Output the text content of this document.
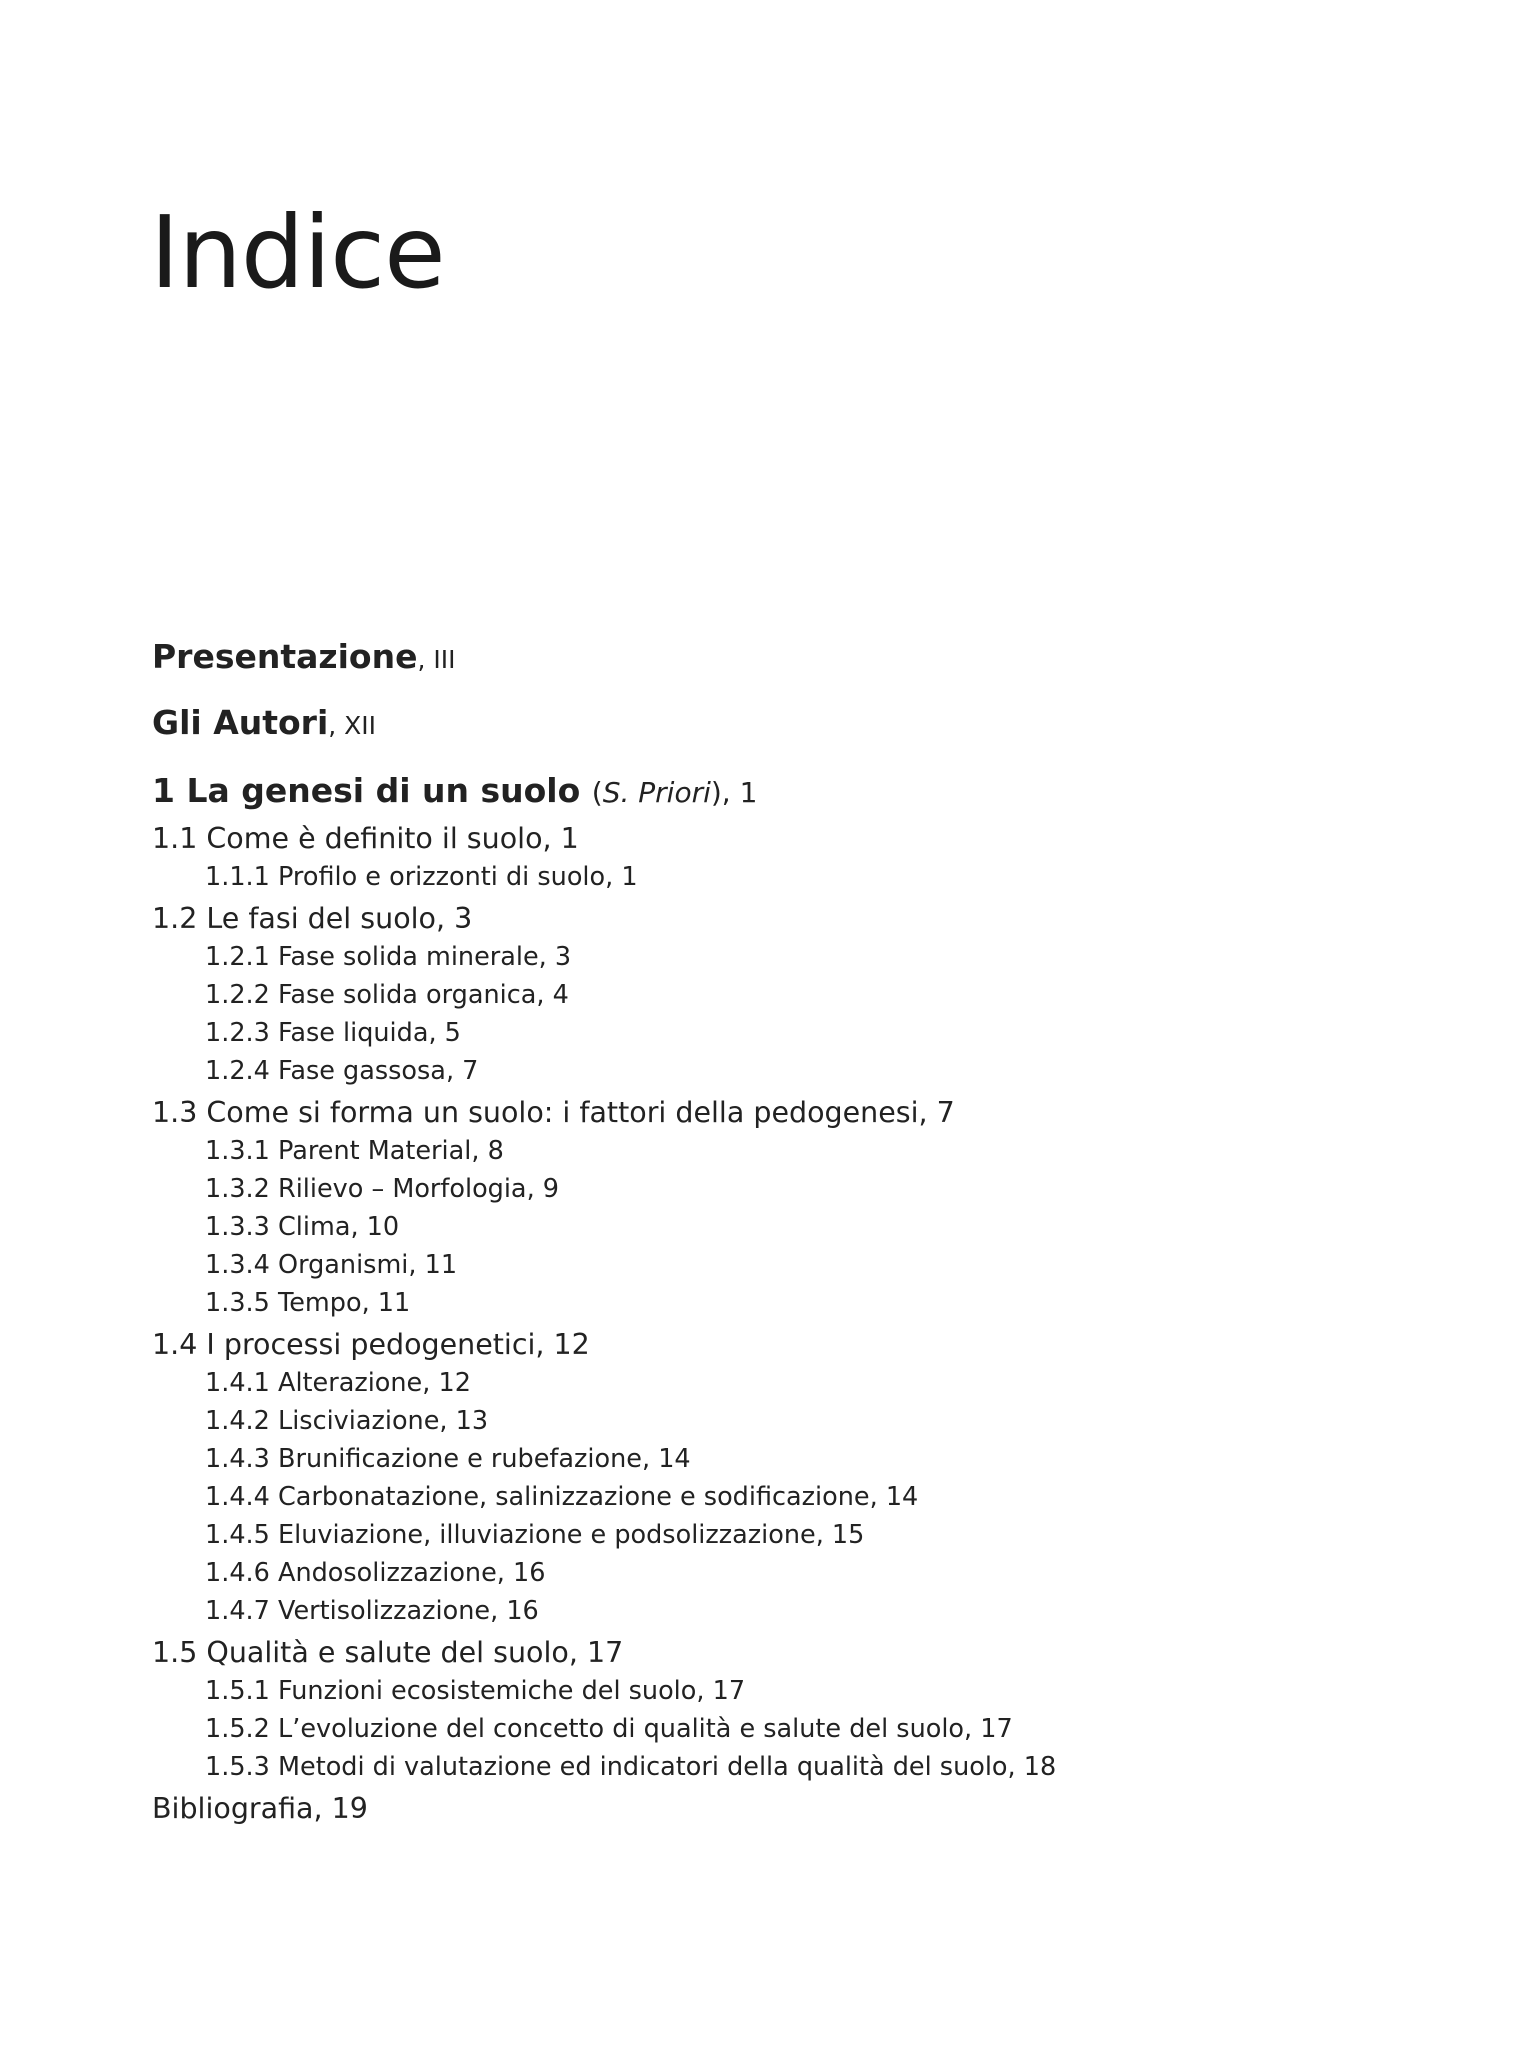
Indice
Presentazione, III
Gli Autori, XII
1 La genesi di un suolo (S. Priori), 1
1.1 Come è definito il suolo, 1
1.1.1 Profilo e orizzonti di suolo, 1
1.2 Le fasi del suolo, 3
1.2.1 Fase solida minerale, 3
1.2.2 Fase solida organica, 4
1.2.3 Fase liquida, 5
1.2.4 Fase gassosa, 7
1.3 Come si forma un suolo: i fattori della pedogenesi, 7
1.3.1 Parent Material, 8
1.3.2 Rilievo – Morfologia, 9
1.3.3 Clima, 10
1.3.4 Organismi, 11
1.3.5 Tempo, 11
1.4 I processi pedogenetici, 12
1.4.1 Alterazione, 12
1.4.2 Lisciviazione, 13
1.4.3 Brunificazione e rubefazione, 14
1.4.4 Carbonatazione, salinizzazione e sodificazione, 14
1.4.5 Eluviazione, illuviazione e podsolizzazione, 15
1.4.6 Andosolizzazione, 16
1.4.7 Vertisolizzazione, 16
1.5 Qualità e salute del suolo, 17
1.5.1 Funzioni ecosistemiche del suolo, 17
1.5.2 L’evoluzione del concetto di qualità e salute del suolo, 17
1.5.3 Metodi di valutazione ed indicatori della qualità del suolo, 18
Bibliografia, 19
